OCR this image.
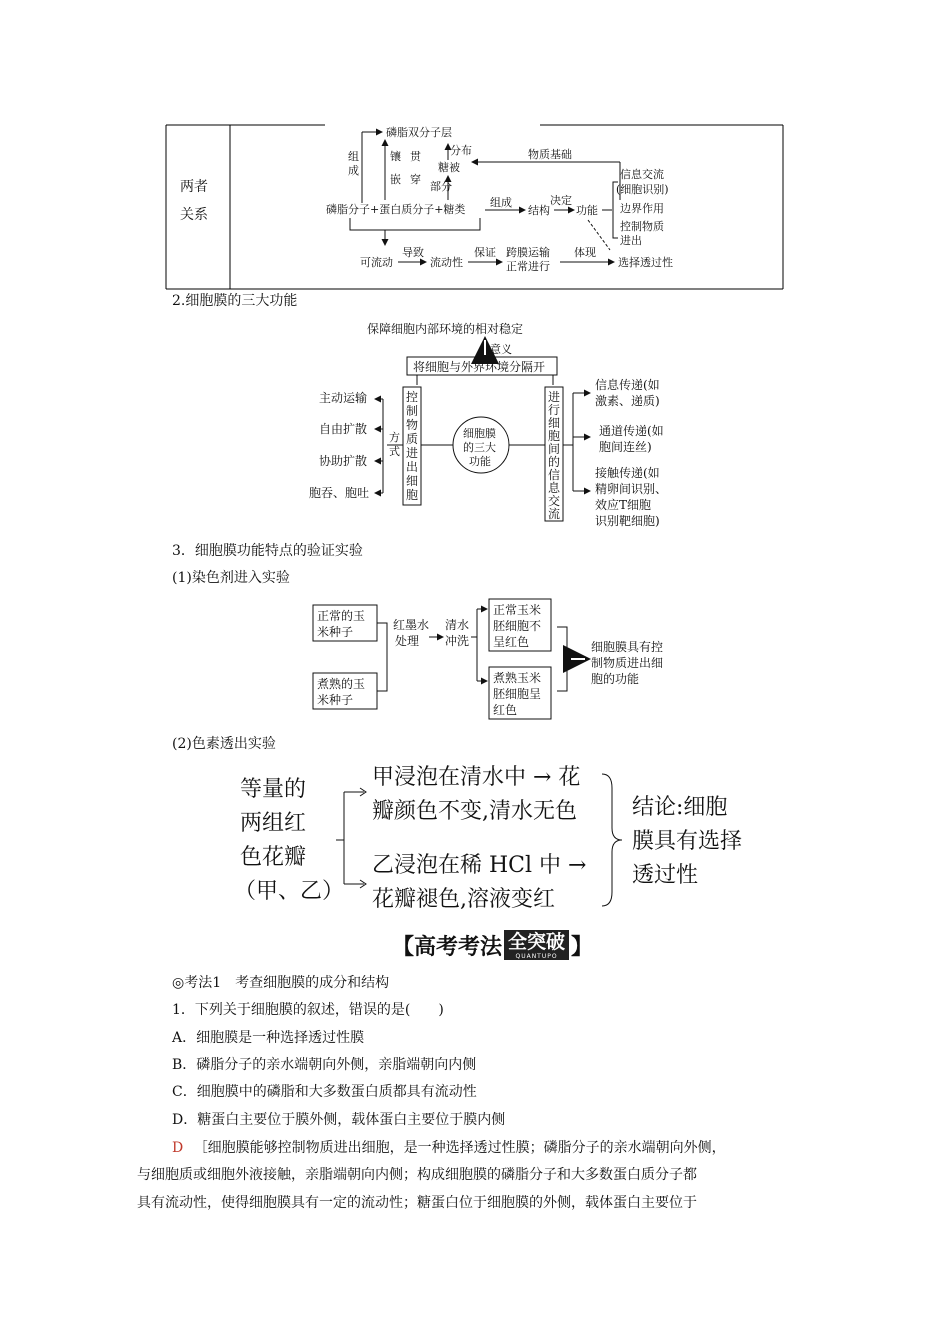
两者
关系
磷脂双分子层
组
成
镶
嵌
贯
穿
分布
糖被
物质基础
部分
磷脂分子+蛋白质分子+糖类
组成
结构
决定
功能
信息交流
(细胞识别)
边界作用
控制物质
进出
可流动
导致
流动性
保证 跨膜运输
正常进行
体现
选择透过性
2.细胞膜的三大功能
保障细胞内部环境的相对稳定
意义
将细胞与外界环境分隔开
控
制
物
质
进
出
细
胞
方
式
主动运输
自由扩散
协助扩散
胞吞、胞吐
细胞膜
的三大
功能
进
行
细
胞
间
的
信
息
交
流
信息传递(如
激素、递质)
通道传递(如
胞间连丝)
接触传递(如
精卵间识别、
效应T细胞
识别靶细胞)
3．细胞膜功能特点的验证实验
(1)染色剂进入实验
正常的玉
米种子
煮熟的玉
米种子
红墨水
处理
清水
冲洗
正常玉米
胚细胞不
呈红色
煮熟玉米
胚细胞呈
红色
细胞膜具有控
制物质进出细
胞的功能
(2)色素透出实验
等量的
两组红
色花瓣
（甲、乙）
甲浸泡在清水中 → 花
瓣颜色不变,清水无色
乙浸泡在稀 HCl 中 →
花瓣褪色,溶液变红
结论:细胞
膜具有选择
透过性
【高考考法 全突破
QUANTUPO 】
◎考法1　考查细胞膜的成分和结构
1．下列关于细胞膜的叙述，错误的是(　　)
A．细胞膜是一种选择透过性膜
B．磷脂分子的亲水端朝向外侧，亲脂端朝向内侧
C．细胞膜中的磷脂和大多数蛋白质都具有流动性
D．糖蛋白主要位于膜外侧，载体蛋白主要位于膜内侧
D ［细胞膜能够控制物质进出细胞，是一种选择透过性膜；磷脂分子的亲水端朝向外侧，
与细胞质或细胞外液接触，亲脂端朝向内侧；构成细胞膜的磷脂分子和大多数蛋白质分子都
具有流动性，使得细胞膜具有一定的流动性；糖蛋白位于细胞膜的外侧，载体蛋白主要位于
